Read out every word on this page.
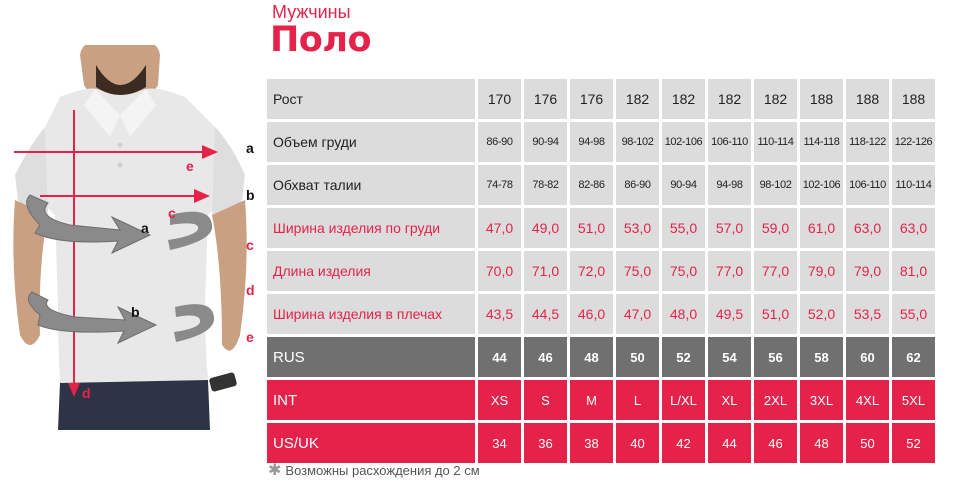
e
c
a
b
d
a
b
c
d
e
Мужчины
Поло
Рост	170	176	176	182	182	182	182	188	188	188
Объем груди	86-90	90-94	94-98	98-102	102-106	106-110	110-114	114-118	118-122	122-126
Обхват талии	74-78	78-82	82-86	86-90	90-94	94-98	98-102	102-106	106-110	110-114
Ширина изделия по груди	47,0	49,0	51,0	53,0	55,0	57,0	59,0	61,0	63,0	63,0
Длина изделия	70,0	71,0	72,0	75,0	75,0	77,0	77,0	79,0	79,0	81,0
Ширина изделия в плечах	43,5	44,5	46,0	47,0	48,0	49,5	51,0	52,0	53,5	55,0
RUS	44	46	48	50	52	54	56	58	60	62
INT	XS	S	M	L	L/XL	XL	2XL	3XL	4XL	5XL
US/UK	34	36	38	40	42	44	46	48	50	52
✱ Возможны расхождения до 2 см
